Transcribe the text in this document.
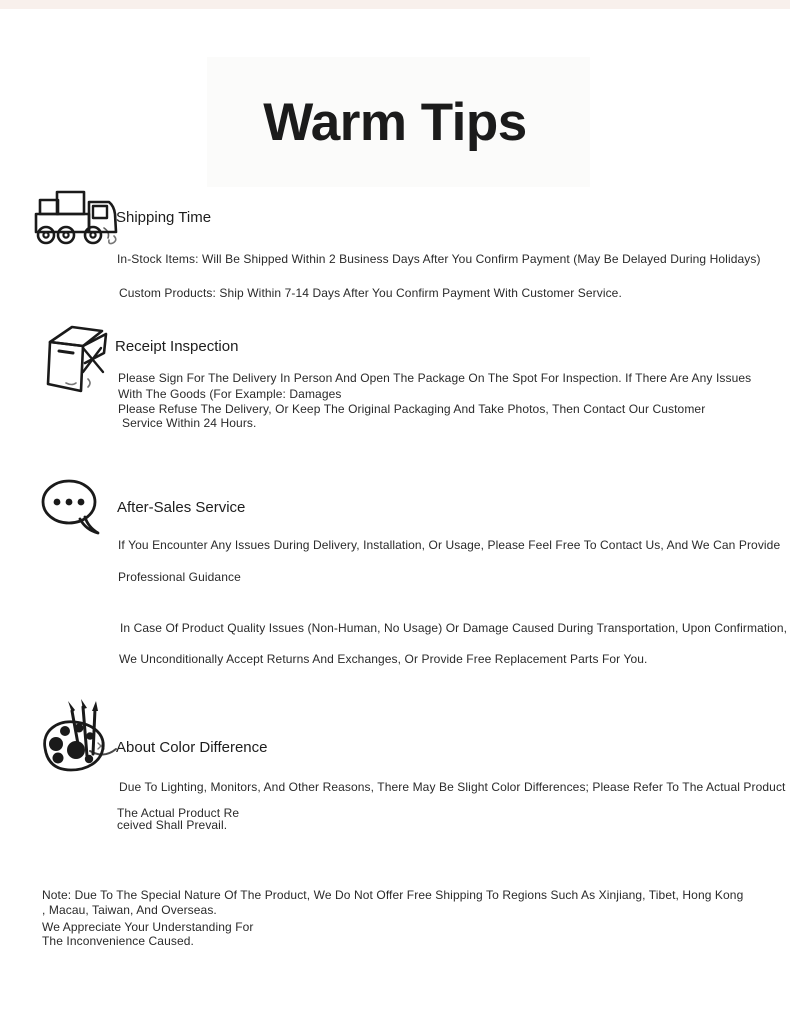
Warm Tips
Shipping Time
In-Stock Items: Will Be Shipped Within 2 Business Days After You Confirm Payment (May Be Delayed During Holidays)
Custom Products: Ship Within 7-14 Days After You Confirm Payment With Customer Service.
Receipt Inspection
Please Sign For The Delivery In Person And Open The Package On The Spot For Inspection. If There Are Any Issues
With The Goods (For Example: Damages
Please Refuse The Delivery, Or Keep The Original Packaging And Take Photos, Then Contact Our Customer
Service Within 24 Hours.
After-Sales Service
If You Encounter Any Issues During Delivery, Installation, Or Usage, Please Feel Free To Contact Us, And We Can Provide
Professional Guidance
In Case Of Product Quality Issues (Non-Human, No Usage) Or Damage Caused During Transportation, Upon Confirmation,
We Unconditionally Accept Returns And Exchanges, Or Provide Free Replacement Parts For You.
About Color Difference
Due To Lighting, Monitors, And Other Reasons, There May Be Slight Color Differences; Please Refer To The Actual Product
The Actual Product Re
ceived Shall Prevail.
Note: Due To The Special Nature Of The Product, We Do Not Offer Free Shipping To Regions Such As Xinjiang, Tibet, Hong Kong
, Macau, Taiwan, And Overseas.
We Appreciate Your Understanding For
The Inconvenience Caused.
